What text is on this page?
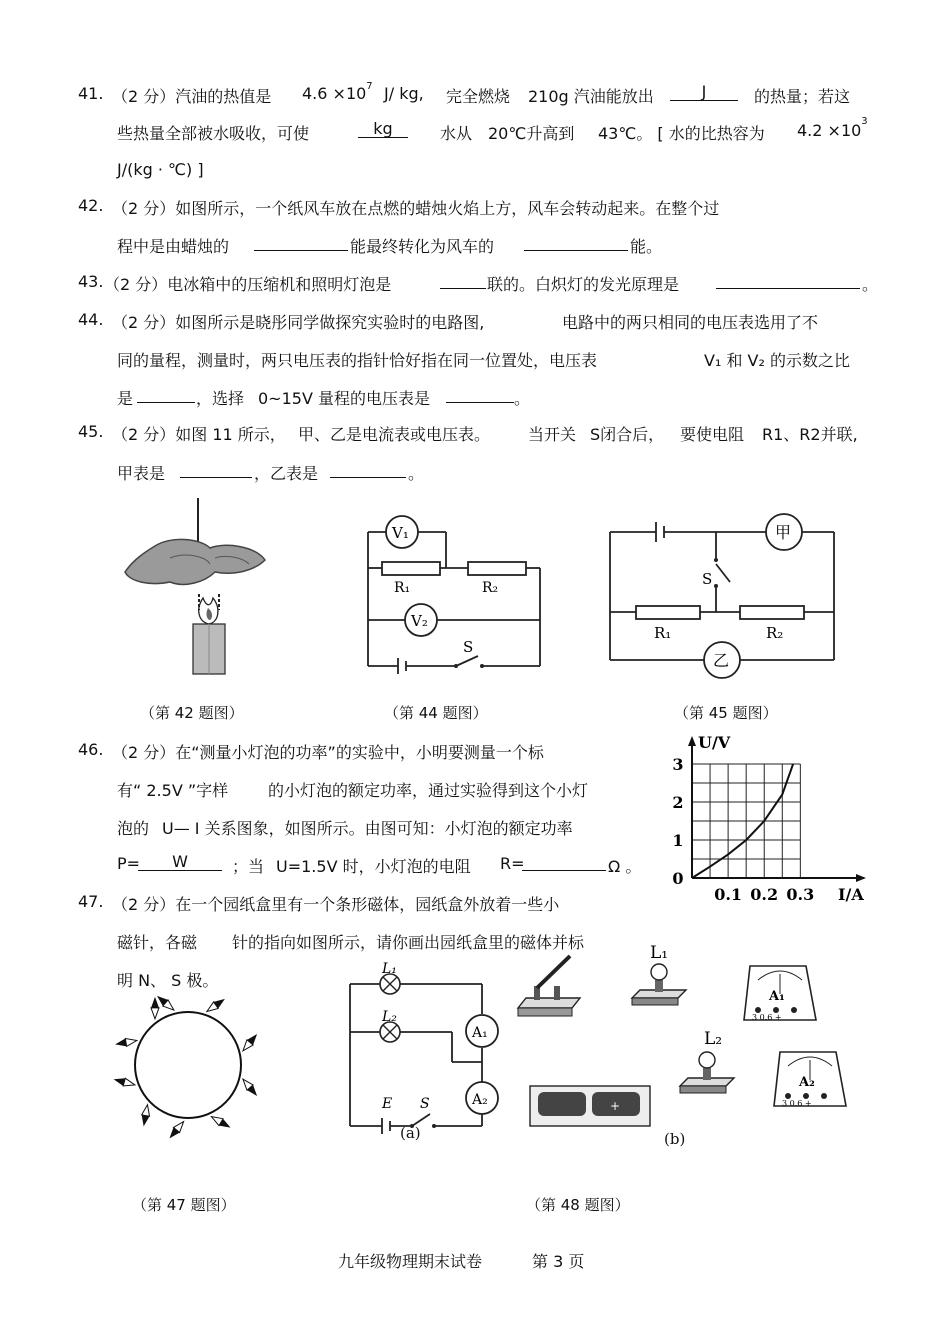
41. （2 分）汽油的热值是 $4.6 \times 10^7$ J/ kg, 完全燃烧 210g 汽油能放出	J	的热量；若这
些热量全部被水吸收，可使	kg	水从 20℃升高到 43℃。 [ 水的比热容为 $4.2 \times 10^3$
J/(kg · ℃) ]
42. （2 分）如图所示，一个纸风车放在点燃的蜡烛火焰上方，风车会转动起来。在整个过
程中是由蜡烛的	能最终转化为风车的	能。
43. （2 分）电冰箱中的压缩机和照明灯泡是	联的。白炽灯的发光原理是	。
44. （2 分）如图所示是晓彤同学做探究实验时的电路图,	电路中的两只相同的电压表选用了不
同的量程，测量时，两只电压表的指针恰好指在同一位置处，电压表	V₁ 和 V₂ 的示数之比
是	，选择 0~15V 量程的电压表是	。
45. （2 分）如图 11 所示， 甲、乙是电流表或电压表。 当开关 S闭合后， 要使电阻 R1、R2并联,
甲表是	，乙表是	。
（第 42 题图）
V₁
V₂
R₁	R₂
S
（第 44 题图）
甲
乙
S
R₁	R₂
（第 45 题图）
46. （2 分）在“测量小灯泡的功率”的实验中，小明要测量一个标
有“ 2.5V ”字样 的小灯泡的额定功率，通过实验得到这个小灯
泡的 U— I 关系图象，如图所示。由图可知：小灯泡的额定功率
P=	W	；当 U=1.5V 时，小灯泡的电阻 R=	Ω 。
0.1 0.2 0.3
0
1
2
3
U/V
I/A
47. （2 分）在一个园纸盒里有一个条形磁体，园纸盒外放着一些小
磁针，各磁 针的指向如图所示，请你画出园纸盒里的磁体并标
明 N、 S 极。
（第 47 题图）
L₁
L₂
A₁
A₂
E S
(a)
L₁
A₁
3 0.6 +
+
L₂
A₂
3 0.6 +
(b)
（第 48 题图）
九年级物理期末试卷	第 3 页
